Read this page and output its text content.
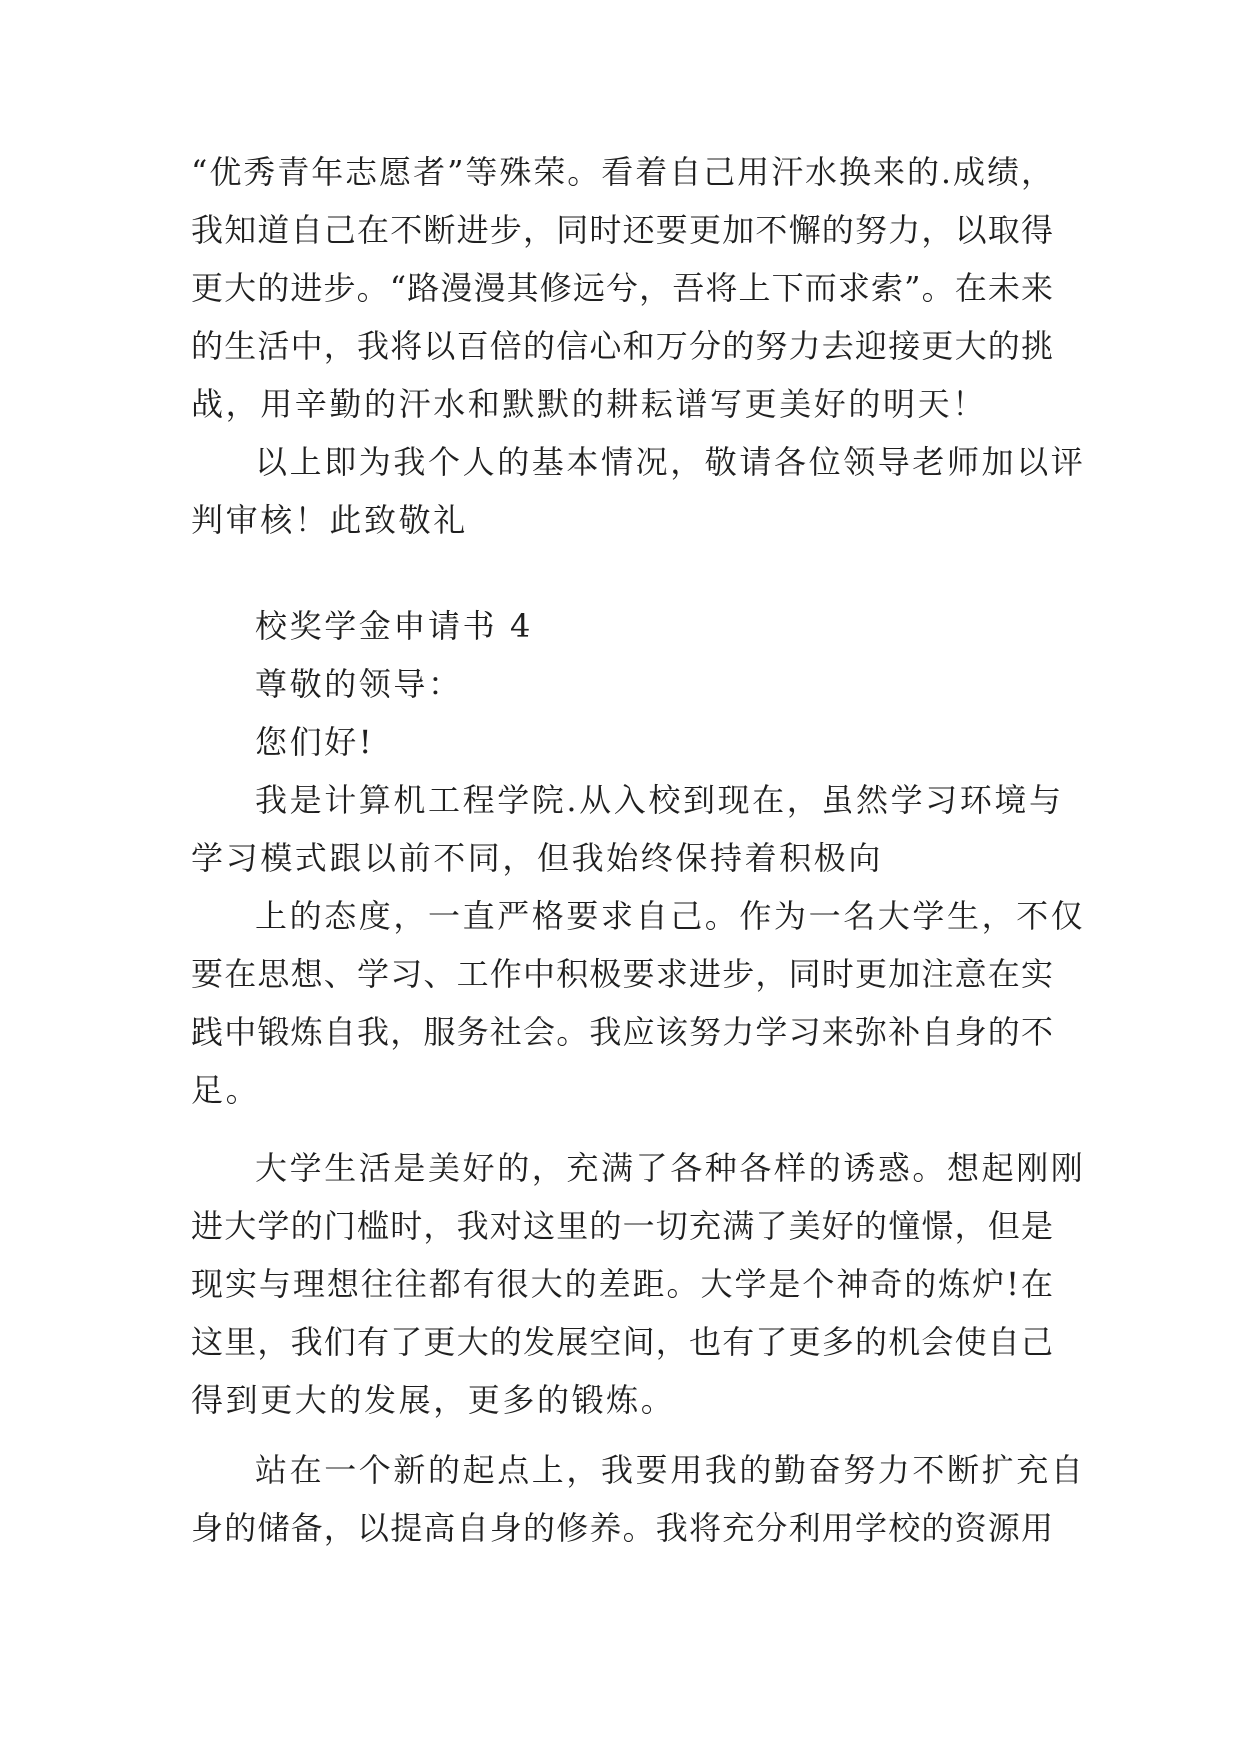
“优秀青年志愿者”等殊荣。看着自己用汗水换来的.成绩，
我知道自己在不断进步，同时还要更加不懈的努力，以取得
更大的进步。“路漫漫其修远兮，吾将上下而求索”。在未来
的生活中，我将以百倍的信心和万分的努力去迎接更大的挑
战，用辛勤的汗水和默默的耕耘谱写更美好的明天！
以上即为我个人的基本情况，敬请各位领导老师加以评
判审核！此致敬礼
校奖学金申请书 4
尊敬的领导：
您们好!
我是计算机工程学院.从入校到现在，虽然学习环境与
学习模式跟以前不同，但我始终保持着积极向
上的态度，一直严格要求自己。作为一名大学生，不仅
要在思想、学习、工作中积极要求进步，同时更加注意在实
践中锻炼自我，服务社会。我应该努力学习来弥补自身的不
足。
大学生活是美好的，充满了各种各样的诱惑。想起刚刚
进大学的门槛时，我对这里的一切充满了美好的憧憬，但是
现实与理想往往都有很大的差距。大学是个神奇的炼炉!在
这里，我们有了更大的发展空间，也有了更多的机会使自己
得到更大的发展，更多的锻炼。
站在一个新的起点上，我要用我的勤奋努力不断扩充自
身的储备，以提高自身的修养。我将充分利用学校的资源用
